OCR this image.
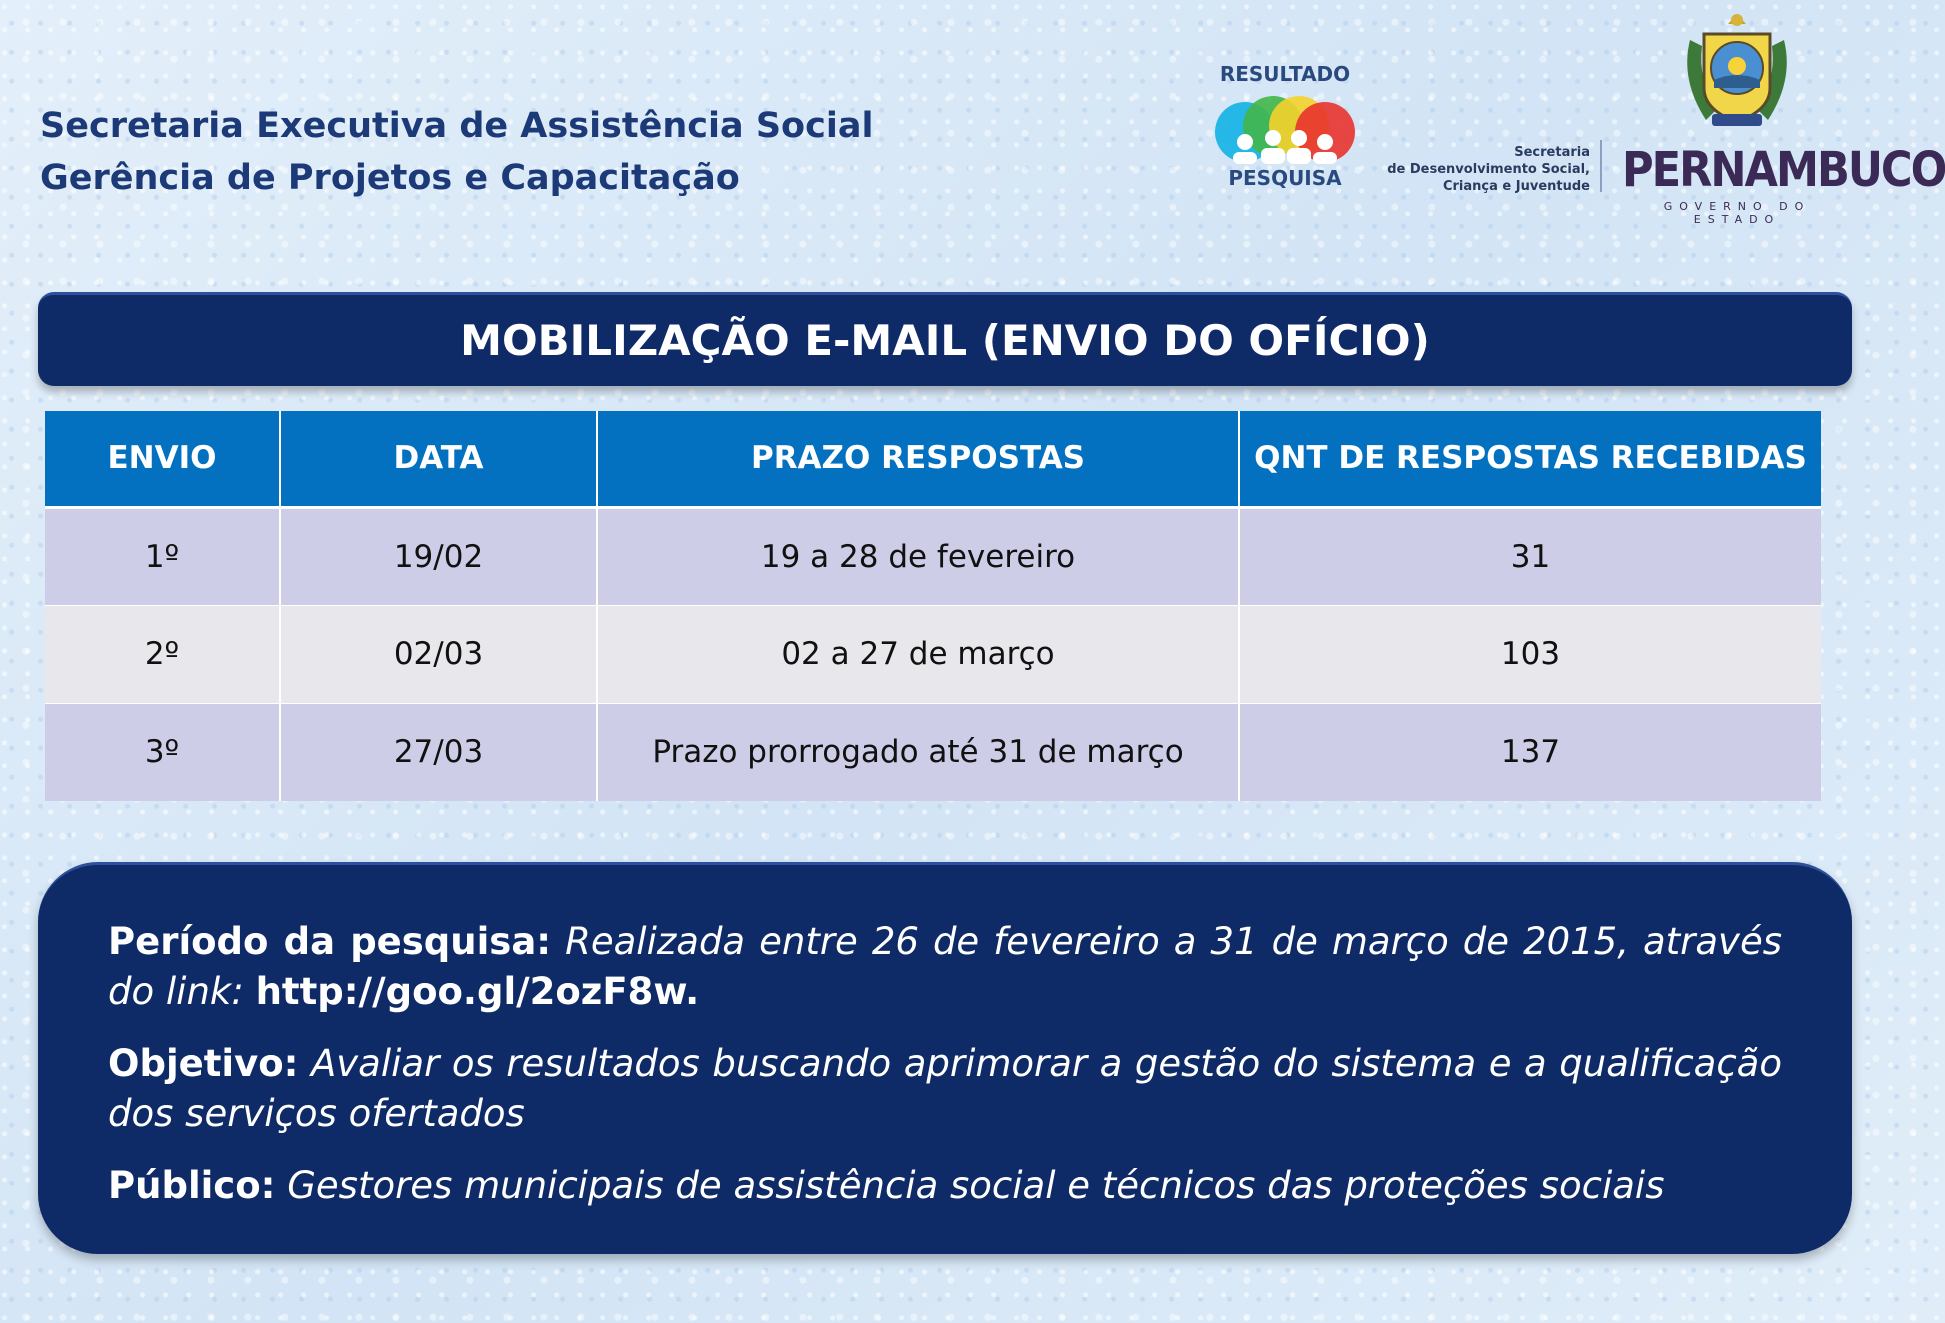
Secretaria Executiva de Assistência Social
Gerência de Projetos e Capacitação
RESULTADO
PESQUISA
Secretaria
de Desenvolvimento Social,
Criança e Juventude PERNAMBUCO
GOVERNO DO ESTADO
MOBILIZAÇÃO E-MAIL (ENVIO DO OFÍCIO)
ENVIO	DATA	PRAZO RESPOSTAS	QNT DE RESPOSTAS RECEBIDAS
1º	19/02	19 a 28 de fevereiro	31
2º	02/03	02 a 27 de março	103
3º	27/03	Prazo prorrogado até 31 de março	137

Período da pesquisa: Realizada entre 26 de fevereiro a 31 de março de 2015, através do link: http://goo.gl/2ozF8w.

Objetivo: Avaliar os resultados buscando aprimorar a gestão do sistema e a qualificação dos serviços ofertados

Público: Gestores municipais de assistência social e técnicos das proteções sociais
